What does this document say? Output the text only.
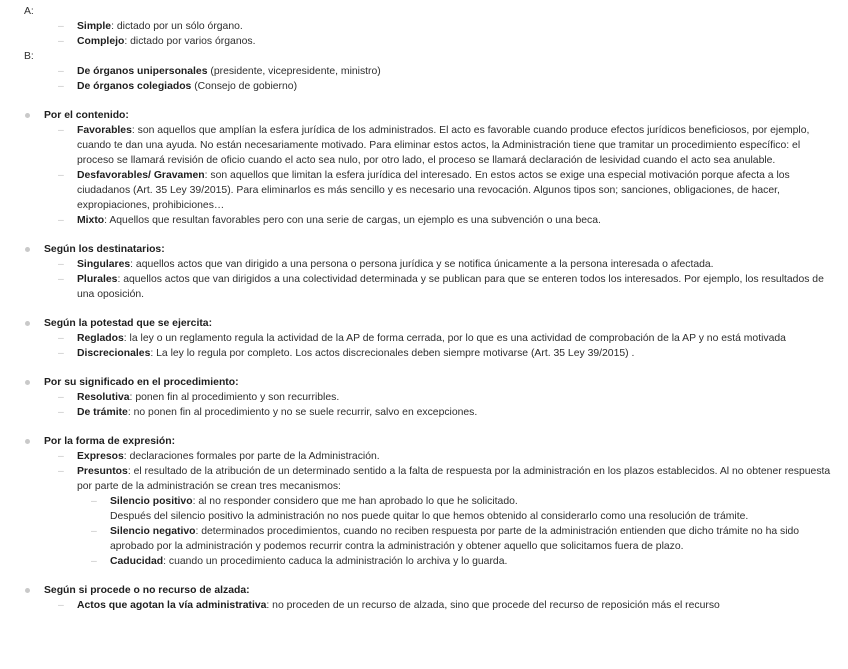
A:
–	Simple: dictado por un sólo órgano.
–	Complejo: dictado por varios órganos.
B:
–	De órganos unipersonales (presidente, vicepresidente, ministro)
–	De órganos colegiados (Consejo de gobierno)
Por el contenido:
–	Favorables: son aquellos que amplían la esfera jurídica de los administrados. El acto es favorable cuando produce efectos jurídicos beneficiosos, por ejemplo, cuando te dan una ayuda. No están necesariamente motivado. Para eliminar estos actos, la Administración tiene que tramitar un procedimiento específico: el proceso se llamará revisión de oficio cuando el acto sea nulo, por otro lado, el proceso se llamará declaración de lesividad cuando el acto sea anulable.
–	Desfavorables/ Gravamen: son aquellos que limitan la esfera jurídica del interesado. En estos actos se exige una especial motivación porque afecta a los ciudadanos (Art. 35 Ley 39/2015). Para eliminarlos es más sencillo y es necesario una revocación. Algunos tipos son; sanciones, obligaciones, de hacer, expropiaciones, prohibiciones…
–	Mixto: Aquellos que resultan favorables pero con una serie de cargas, un ejemplo es una subvención o una beca.
Según los destinatarios:
–	Singulares: aquellos actos que van dirigido a una persona o persona jurídica y se notifica únicamente a la persona interesada o afectada.
–	Plurales: aquellos actos que van dirigidos a una colectividad determinada y se publican para que se enteren todos los interesados. Por ejemplo, los resultados de una oposición.
Según la potestad que se ejercita:
–	Reglados: la ley o un reglamento regula la actividad de la AP de forma cerrada, por lo que es una actividad de comprobación de la AP y no está motivada
–	Discrecionales: La ley lo regula por completo. Los actos discrecionales deben siempre motivarse (Art. 35 Ley 39/2015) .
Por su significado en el procedimiento:
–	Resolutiva: ponen fin al procedimiento y son recurribles.
–	De trámite: no ponen fin al procedimiento y no se suele recurrir, salvo en excepciones.
Por la forma de expresión:
–	Expresos: declaraciones formales por parte de la Administración.
–	Presuntos: el resultado de la atribución de un determinado sentido a la falta de respuesta por la administración en los plazos establecidos. Al no obtener respuesta por parte de la administración se crean tres mecanismos:
–	Silencio positivo: al no responder considero que me han aprobado lo que he solicitado.
Después del silencio positivo la administración no nos puede quitar lo que hemos obtenido al considerarlo como una resolución de trámite.
–	Silencio negativo: determinados procedimientos, cuando no reciben respuesta por parte de la administración entienden que dicho trámite no ha sido aprobado por la administración y podemos recurrir contra la administración y obtener aquello que solicitamos fuera de plazo.
–	Caducidad: cuando un procedimiento caduca la administración lo archiva y lo guarda.
Según si procede o no recurso de alzada:
–	Actos que agotan la vía administrativa: no proceden de un recurso de alzada, sino que procede del recurso de reposición más el recurso
